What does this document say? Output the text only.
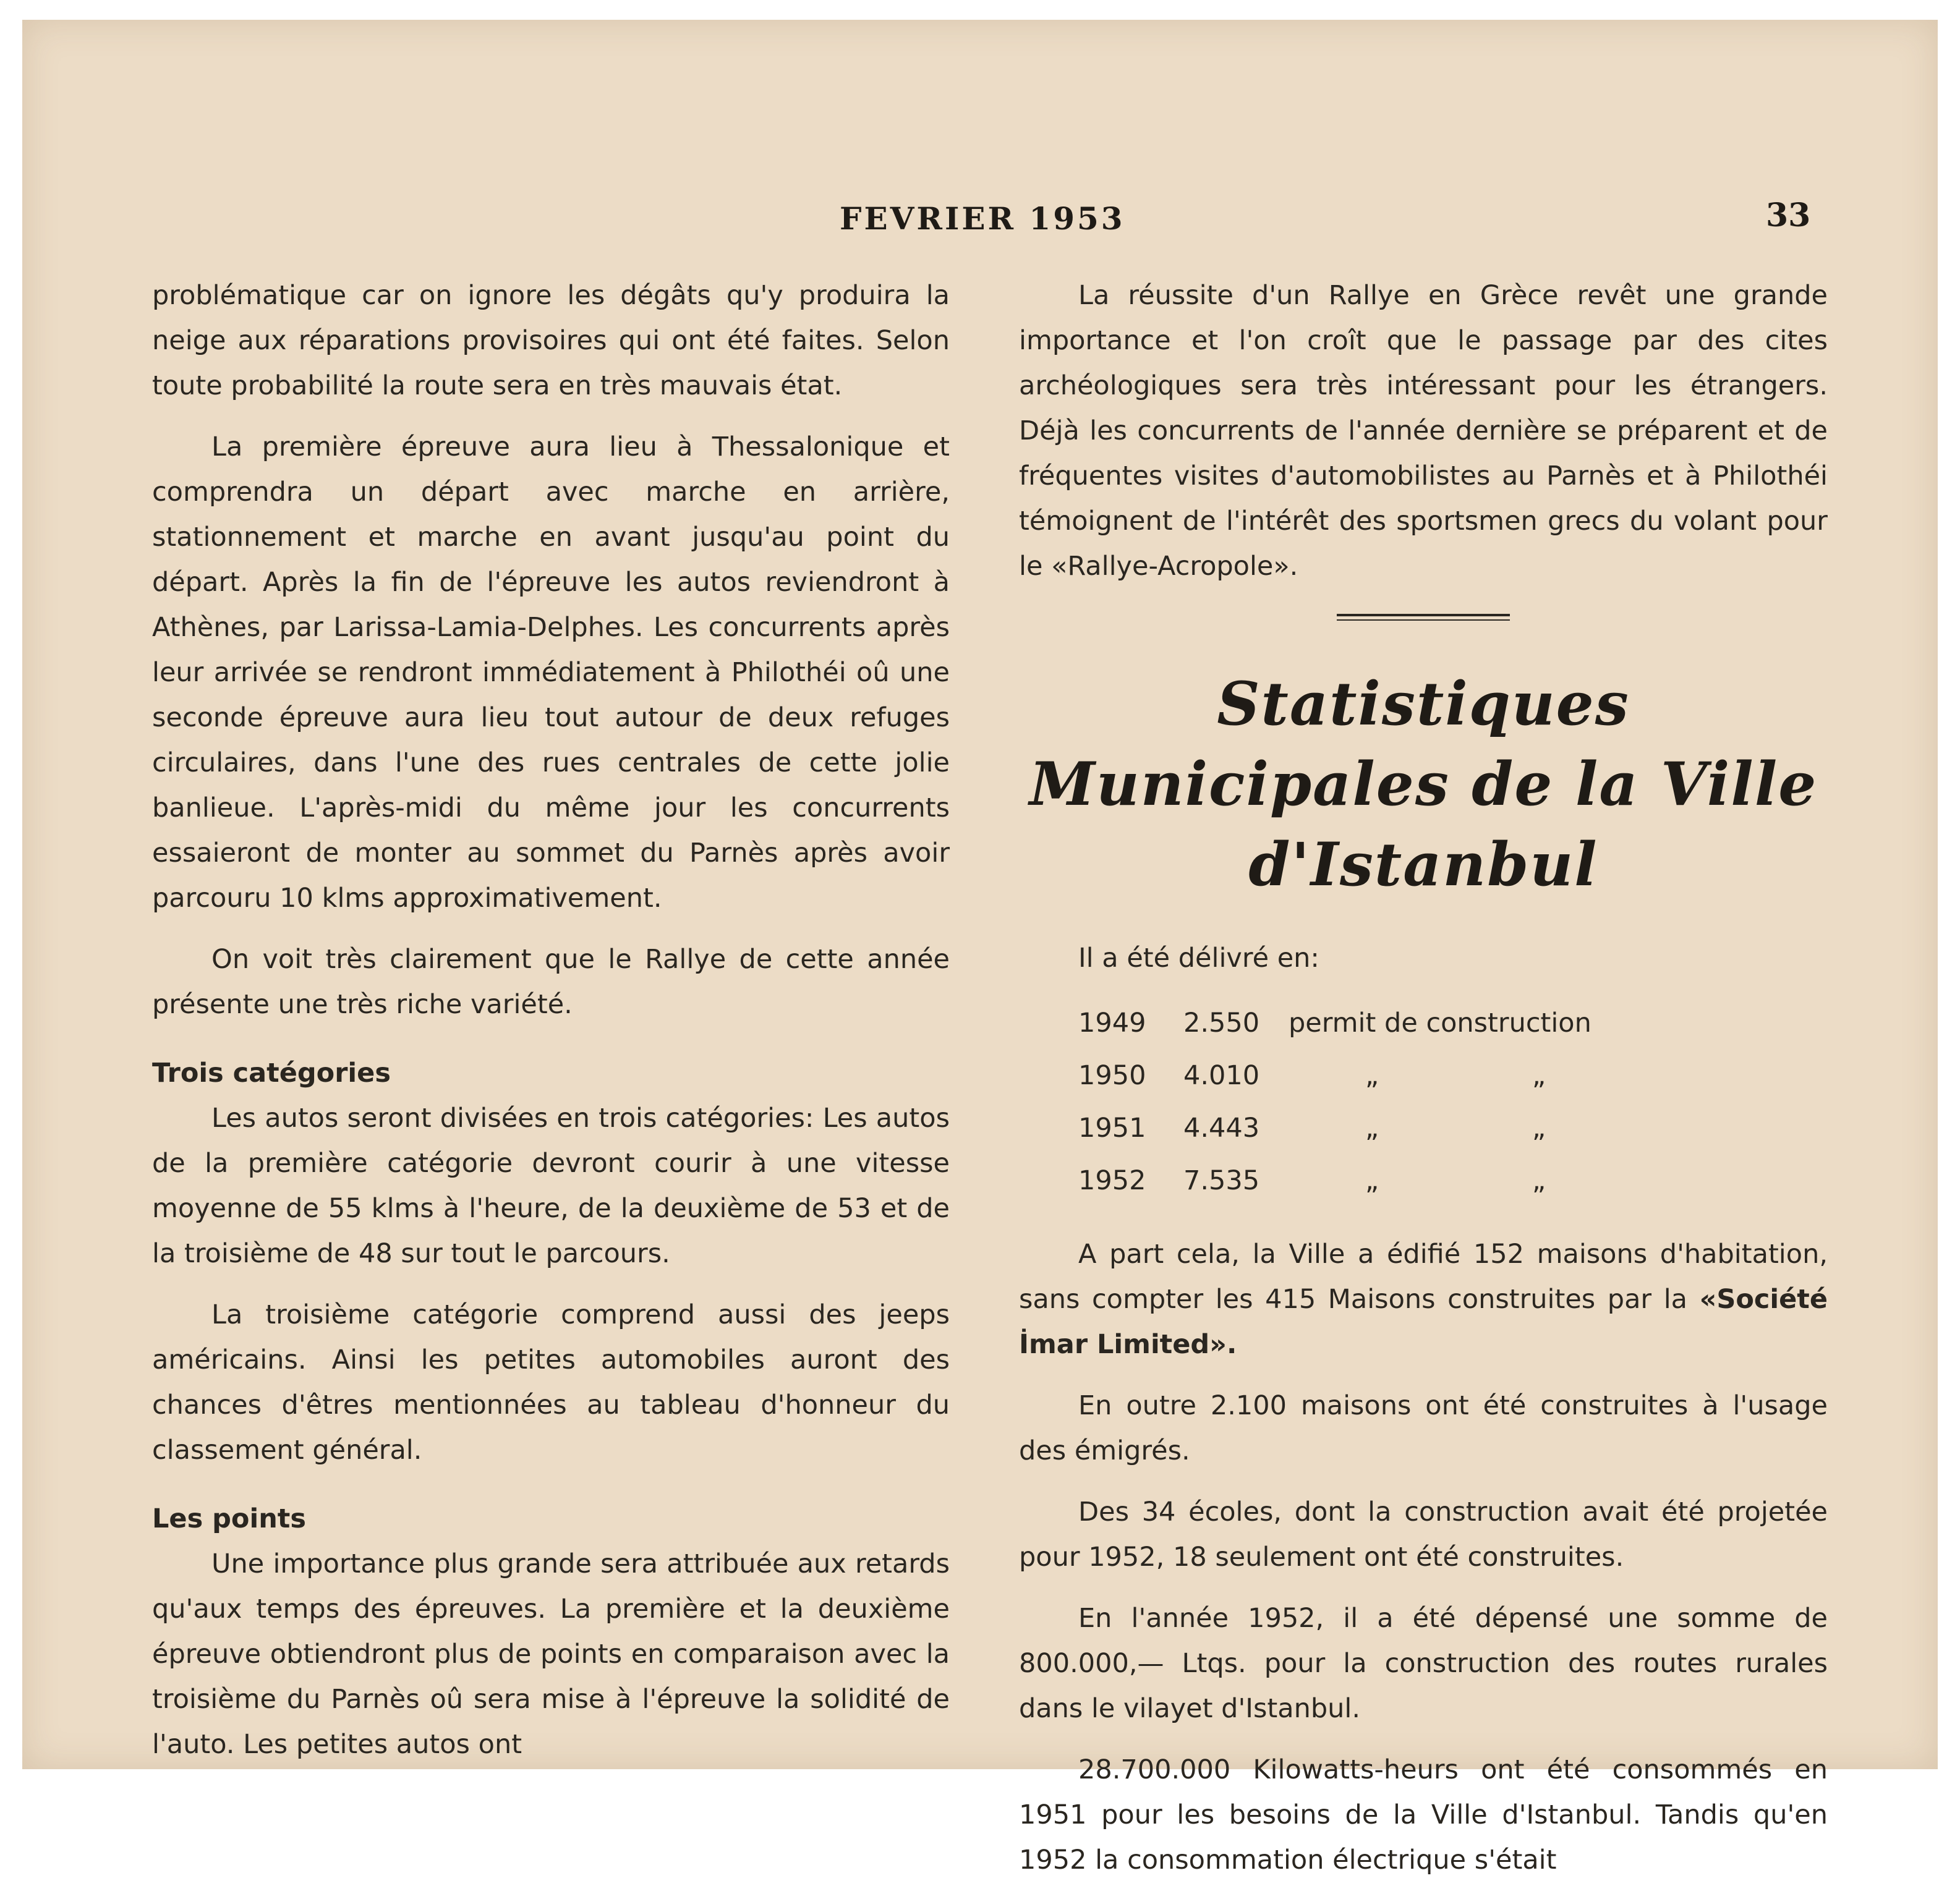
FEVRIER 1953	33

problématique car on ignore les dégâts qu'y produira la neige aux réparations provisoires qui ont été faites. Selon toute probabilité la route sera en très mauvais état.

La première épreuve aura lieu à Thessalonique et comprendra un départ avec marche en arrière, stationnement et marche en avant jusqu'au point du départ. Après la fin de l'épreuve les autos reviendront à Athènes, par Larissa-Lamia-Delphes. Les concurrents après leur arrivée se rendront immédiatement à Philothéi oû une seconde épreuve aura lieu tout autour de deux refuges circulaires, dans l'une des rues centrales de cette jolie banlieue. L'après-midi du même jour les concurrents essaieront de monter au sommet du Parnès après avoir parcouru 10 klms approximativement.

On voit très clairement que le Rallye de cette année présente une très riche variété.

Trois catégories

Les autos seront divisées en trois catégories: Les autos de la première catégorie devront courir à une vitesse moyenne de 55 klms à l'heure, de la deuxième de 53 et de la troisième de 48 sur tout le parcours.

La troisième catégorie comprend aussi des jeeps américains. Ainsi les petites automobiles auront des chances d'êtres mentionnées au tableau d'honneur du classement général.

Les points

Une importance plus grande sera attribuée aux retards qu'aux temps des épreuves. La première et la deuxième épreuve obtiendront plus de points en comparaison avec la troisième du Parnès oû sera mise à l'épreuve la solidité de l'auto. Les petites autos ont

La réussite d'un Rallye en Grèce revêt une grande importance et l'on croît que le passage par des cites archéologiques sera très intéressant pour les étrangers. Déjà les concurrents de l'année dernière se préparent et de fréquentes visites d'automobilistes au Parnès et à Philothéi témoignent de l'intérêt des sportsmen grecs du volant pour le «Rallye-Acropole».

Statistiques Municipales de la Ville d'Istanbul

Il a été délivré en:

1949	2.550	permit de construction	
1950	4.010	„	„
1951	4.443	„	„
1952	7.535	„	„

A part cela, la Ville a édifié 152 maisons d'habitation, sans compter les 415 Maisons construites par la «Société İmar Limited».

En outre 2.100 maisons ont été construites à l'usage des émigrés.

Des 34 écoles, dont la construction avait été projetée pour 1952, 18 seulement ont été construites.

En l'année 1952, il a été dépensé une somme de 800.000,— Ltqs. pour la construction des routes rurales dans le vilayet d'Istanbul.

28.700.000 Kilowatts-heurs ont été consommés en 1951 pour les besoins de la Ville d'Istanbul. Tandis qu'en 1952 la consommation électrique s'était
